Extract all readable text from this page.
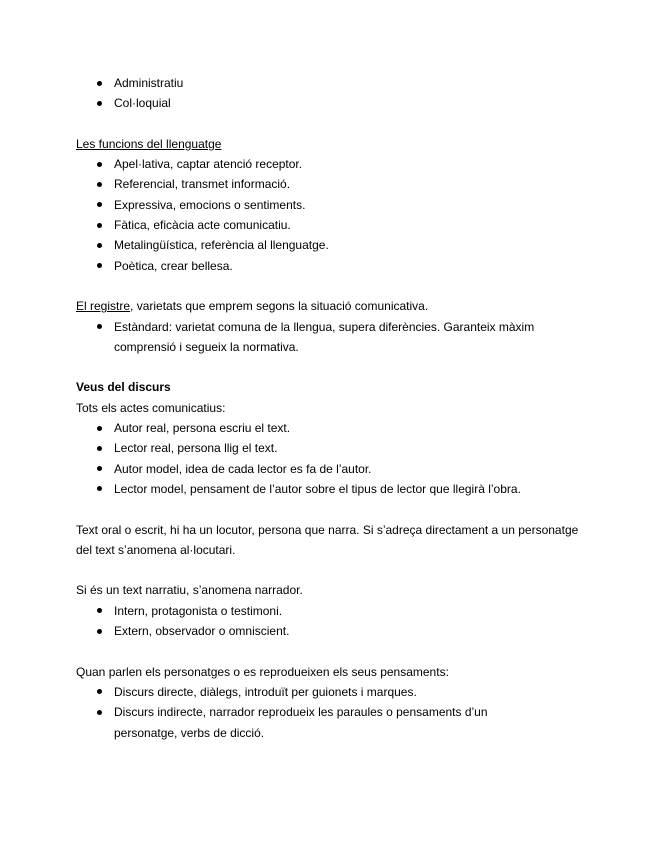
Administratiu
Col·loquial
Les funcions del llenguatge
Apel·lativa, captar atenció receptor.
Referencial, transmet informació.
Expressiva, emocions o sentiments.
Fàtica, eficàcia acte comunicatiu.
Metalingüística, referència al llenguatge.
Poètica, crear bellesa.
El registre, varietats que emprem segons la situació comunicativa.
Estàndard: varietat comuna de la llengua, supera diferències. Garanteix màxim comprensió i segueix la normativa.
Veus del discurs
Tots els actes comunicatius:
Autor real, persona escriu el text.
Lector real, persona llig el text.
Autor model, idea de cada lector es fa de l’autor.
Lector model, pensament de l’autor sobre el tipus de lector que llegirà l’obra.
Text oral o escrit, hi ha un locutor, persona que narra. Si s’adreça directament a un personatge
del text s’anomena al·locutari.
Si és un text narratiu, s’anomena narrador.
Intern, protagonista o testimoni.
Extern, observador o omniscient.
Quan parlen els personatges o es reprodueixen els seus pensaments:
Discurs directe, diàlegs, introduït per guionets i marques.
Discurs indirecte, narrador reprodueix les paraules o pensaments d’un personatge, verbs de dicció.
